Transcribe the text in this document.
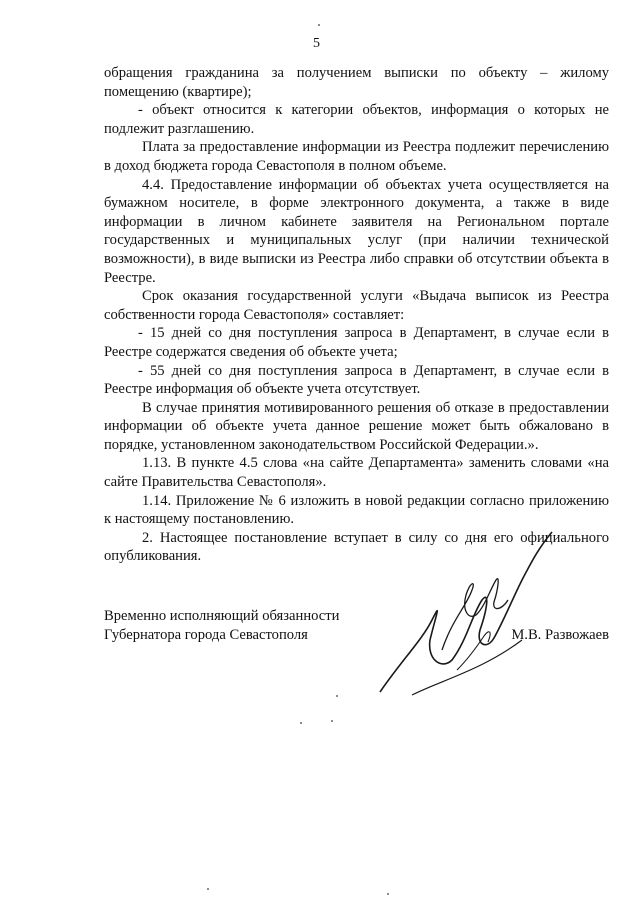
5

обращения гражданина за получением выписки по объекту – жилому помещению (квартире);

- объект относится к категории объектов, информация о которых не подлежит разглашению.

Плата за предоставление информации из Реестра подлежит перечислению в доход бюджета города Севастополя в полном объеме.

4.4. Предоставление информации об объектах учета осуществляется на бумажном носителе, в форме электронного документа, а также в виде информации в личном кабинете заявителя на Региональном портале государственных и муниципальных услуг (при наличии технической возможности), в виде выписки из Реестра либо справки об отсутствии объекта в Реестре.

Срок оказания государственной услуги «Выдача выписок из Реестра собственности города Севастополя» составляет:

- 15 дней со дня поступления запроса в Департамент, в случае если в Реестре содержатся сведения об объекте учета;

- 55 дней со дня поступления запроса в Департамент, в случае если в Реестре информация об объекте учета отсутствует.

В случае принятия мотивированного решения об отказе в предоставлении информации об объекте учета данное решение может быть обжаловано в порядке, установленном законодательством Российской Федерации.».

1.13. В пункте 4.5 слова «на сайте Департамента» заменить словами «на сайте Правительства Севастополя».

1.14. Приложение № 6 изложить в новой редакции согласно приложению к настоящему постановлению.

2. Настоящее постановление вступает в силу со дня его официального опубликования.

Временно исполняющий обязанности
Губернатора города Севастополя	М.В. Развожаев
